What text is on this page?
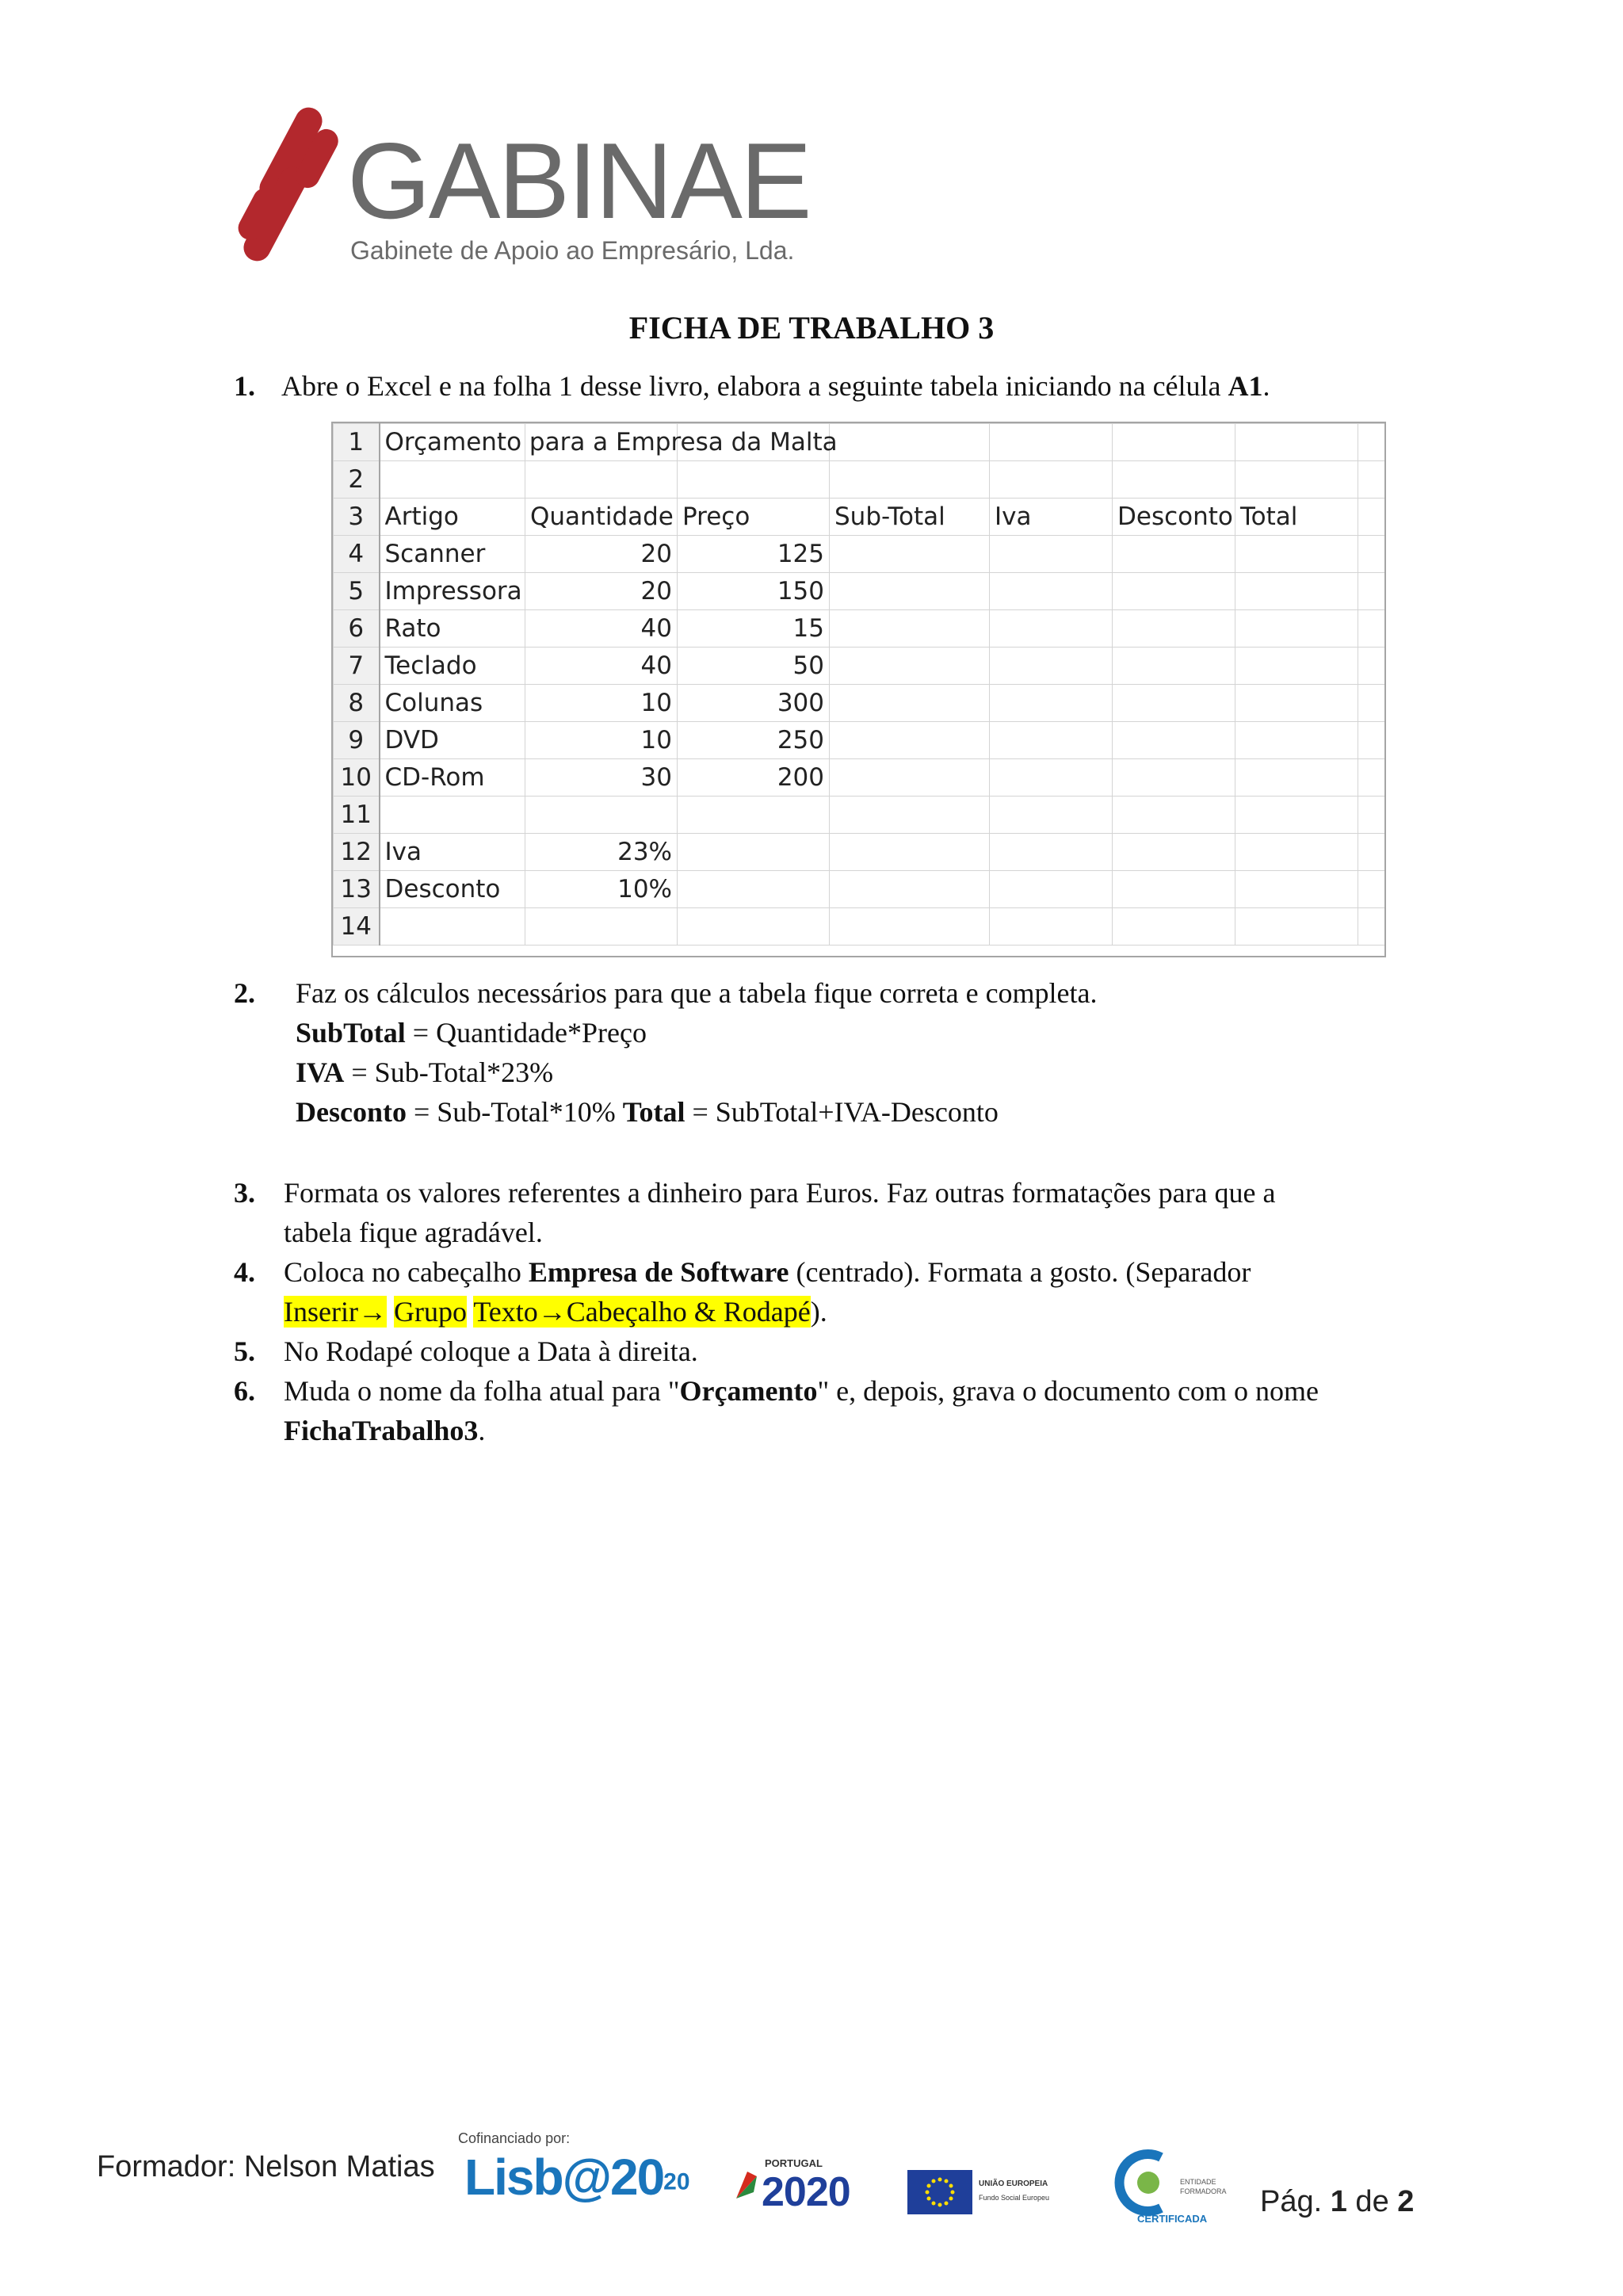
GABINAE
Gabinete de Apoio ao Empresário, Lda.
FICHA DE TRABALHO 3
1. Abre o Excel e na folha 1 desse livro, elabora a seguinte tabela iniciando na célula A1.
1	Orçamento para a Empresa da Malta							
2								
3	Artigo	Quantidade	Preço	Sub-Total	Iva	Desconto	Total	
4	Scanner	20	125					
5	Impressora	20	150					
6	Rato	40	15					
7	Teclado	40	50					
8	Colunas	10	300					
9	DVD	10	250					
10	CD-Rom	30	200					
11								
12	Iva	23%						
13	Desconto	10%						
14								
2. Faz os cálculos necessários para que a tabela fique correta e completa.
SubTotal = Quantidade*Preço
IVA = Sub-Total*23%
Desconto = Sub-Total*10% Total = SubTotal+IVA-Desconto
3. Formata os valores referentes a dinheiro para Euros. Faz outras formatações para que a
tabela fique agradável.
4. Coloca no cabeçalho Empresa de Software (centrado). Formata a gosto. (Separador
Inserir→ Grupo Texto→Cabeçalho & Rodapé).
5. No Rodapé coloque a Data à direita.
6. Muda o nome da folha atual para "Orçamento" e, depois, grava o documento com o nome
FichaTrabalho3.
Formador: Nelson Matias
Cofinanciado por:
$Lisb@20^{20}$
PORTUGAL
2020	UNIÃO EUROPEIA
Fundo Social Europeu
ENTIDADE
FORMADORA
CERTIFICADA
Pág. 1 de 2
